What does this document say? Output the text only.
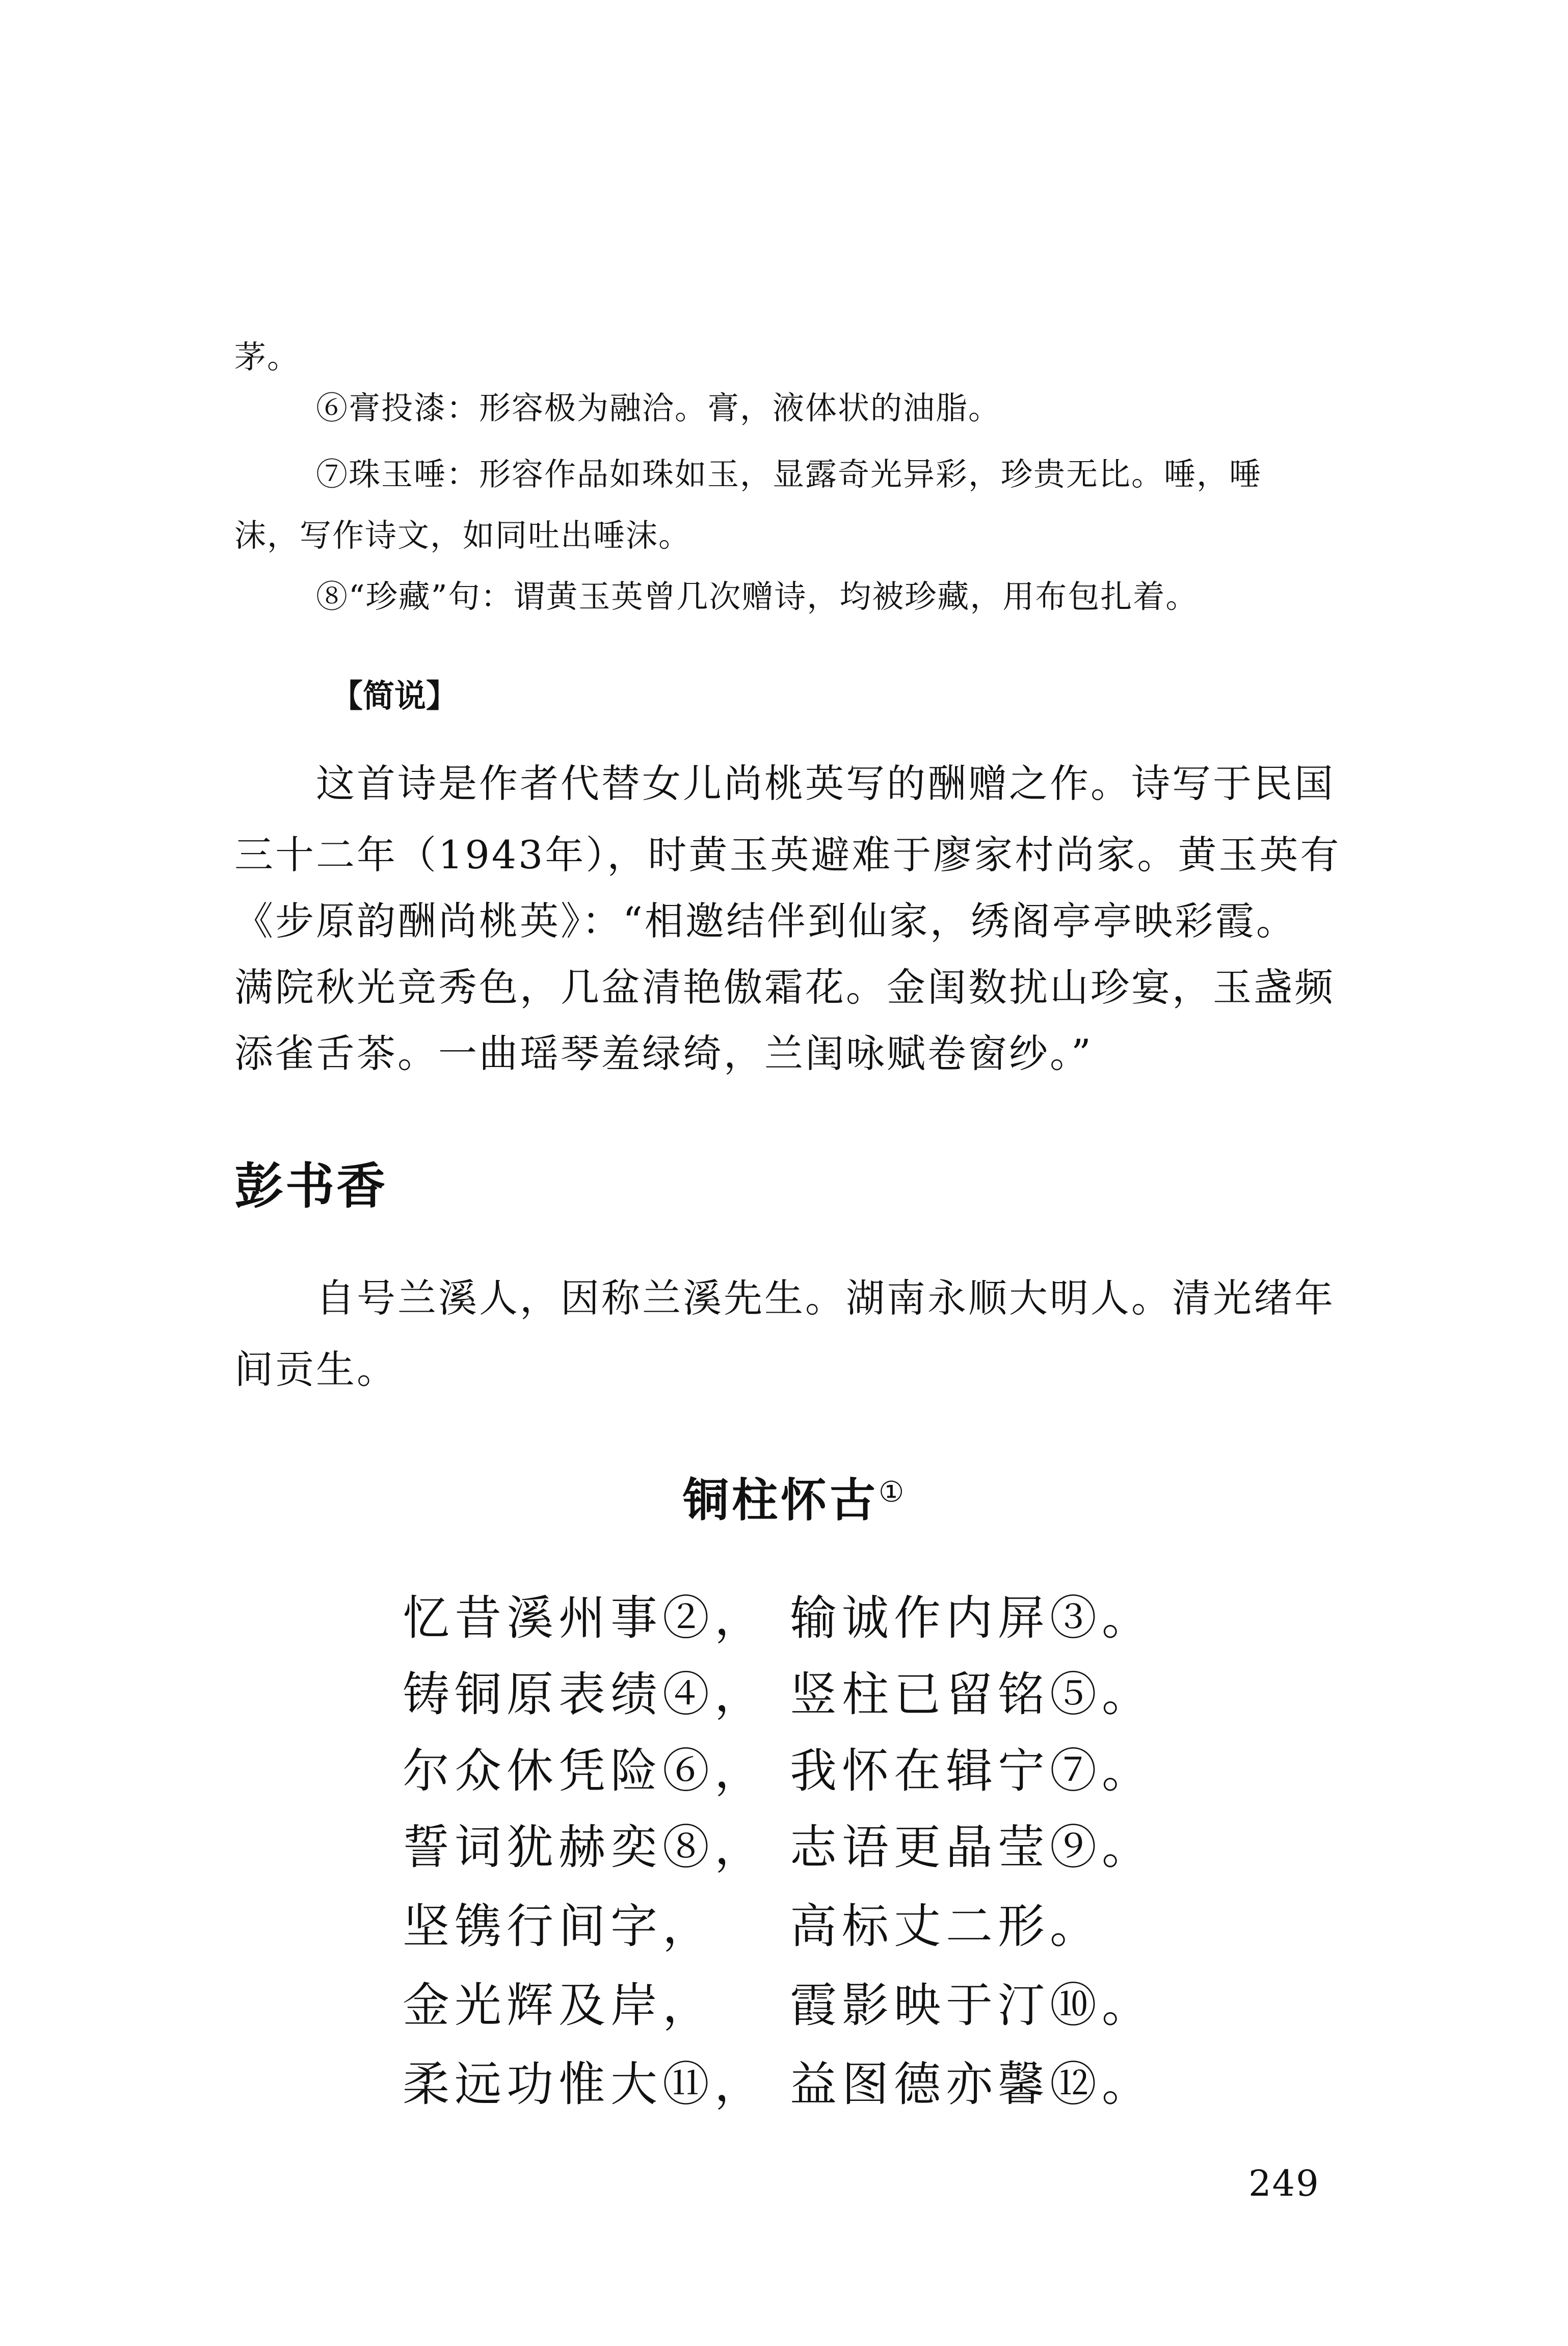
茅。

⑥膏投漆：形容极为融洽。膏，液体状的油脂。

⑦珠玉唾：形容作品如珠如玉，显露奇光异彩，珍贵无比。唾，唾

沫，写作诗文，如同吐出唾沫。

⑧“珍藏”句：谓黄玉英曾几次赠诗，均被珍藏，用布包扎着。

【简说】

这首诗是作者代替女儿尚桃英写的酬赠之作。诗写于民国

三十二年（1943年），时黄玉英避难于廖家村尚家。黄玉英有

《步原韵酬尚桃英》：“相邀结伴到仙家，绣阁亭亭映彩霞。

满院秋光竞秀色，几盆清艳傲霜花。金闺数扰山珍宴，玉盏频

添雀舌茶。一曲瑶琴羞绿绮，兰闺咏赋卷窗纱。”

彭书香

自号兰溪人，因称兰溪先生。湖南永顺大明人。清光绪年

间贡生。

铜柱怀古①

忆昔溪州事②， 输诚作内屏③。
铸铜原表绩④， 竖柱已留铭⑤。
尔众休凭险⑥， 我怀在辑宁⑦。
誓词犹赫奕⑧， 志语更晶莹⑨。
坚镌行间字， 高标丈二形。
金光辉及岸， 霞影映于汀⑩。
柔远功惟大⑪， 益图德亦馨⑫。

249
